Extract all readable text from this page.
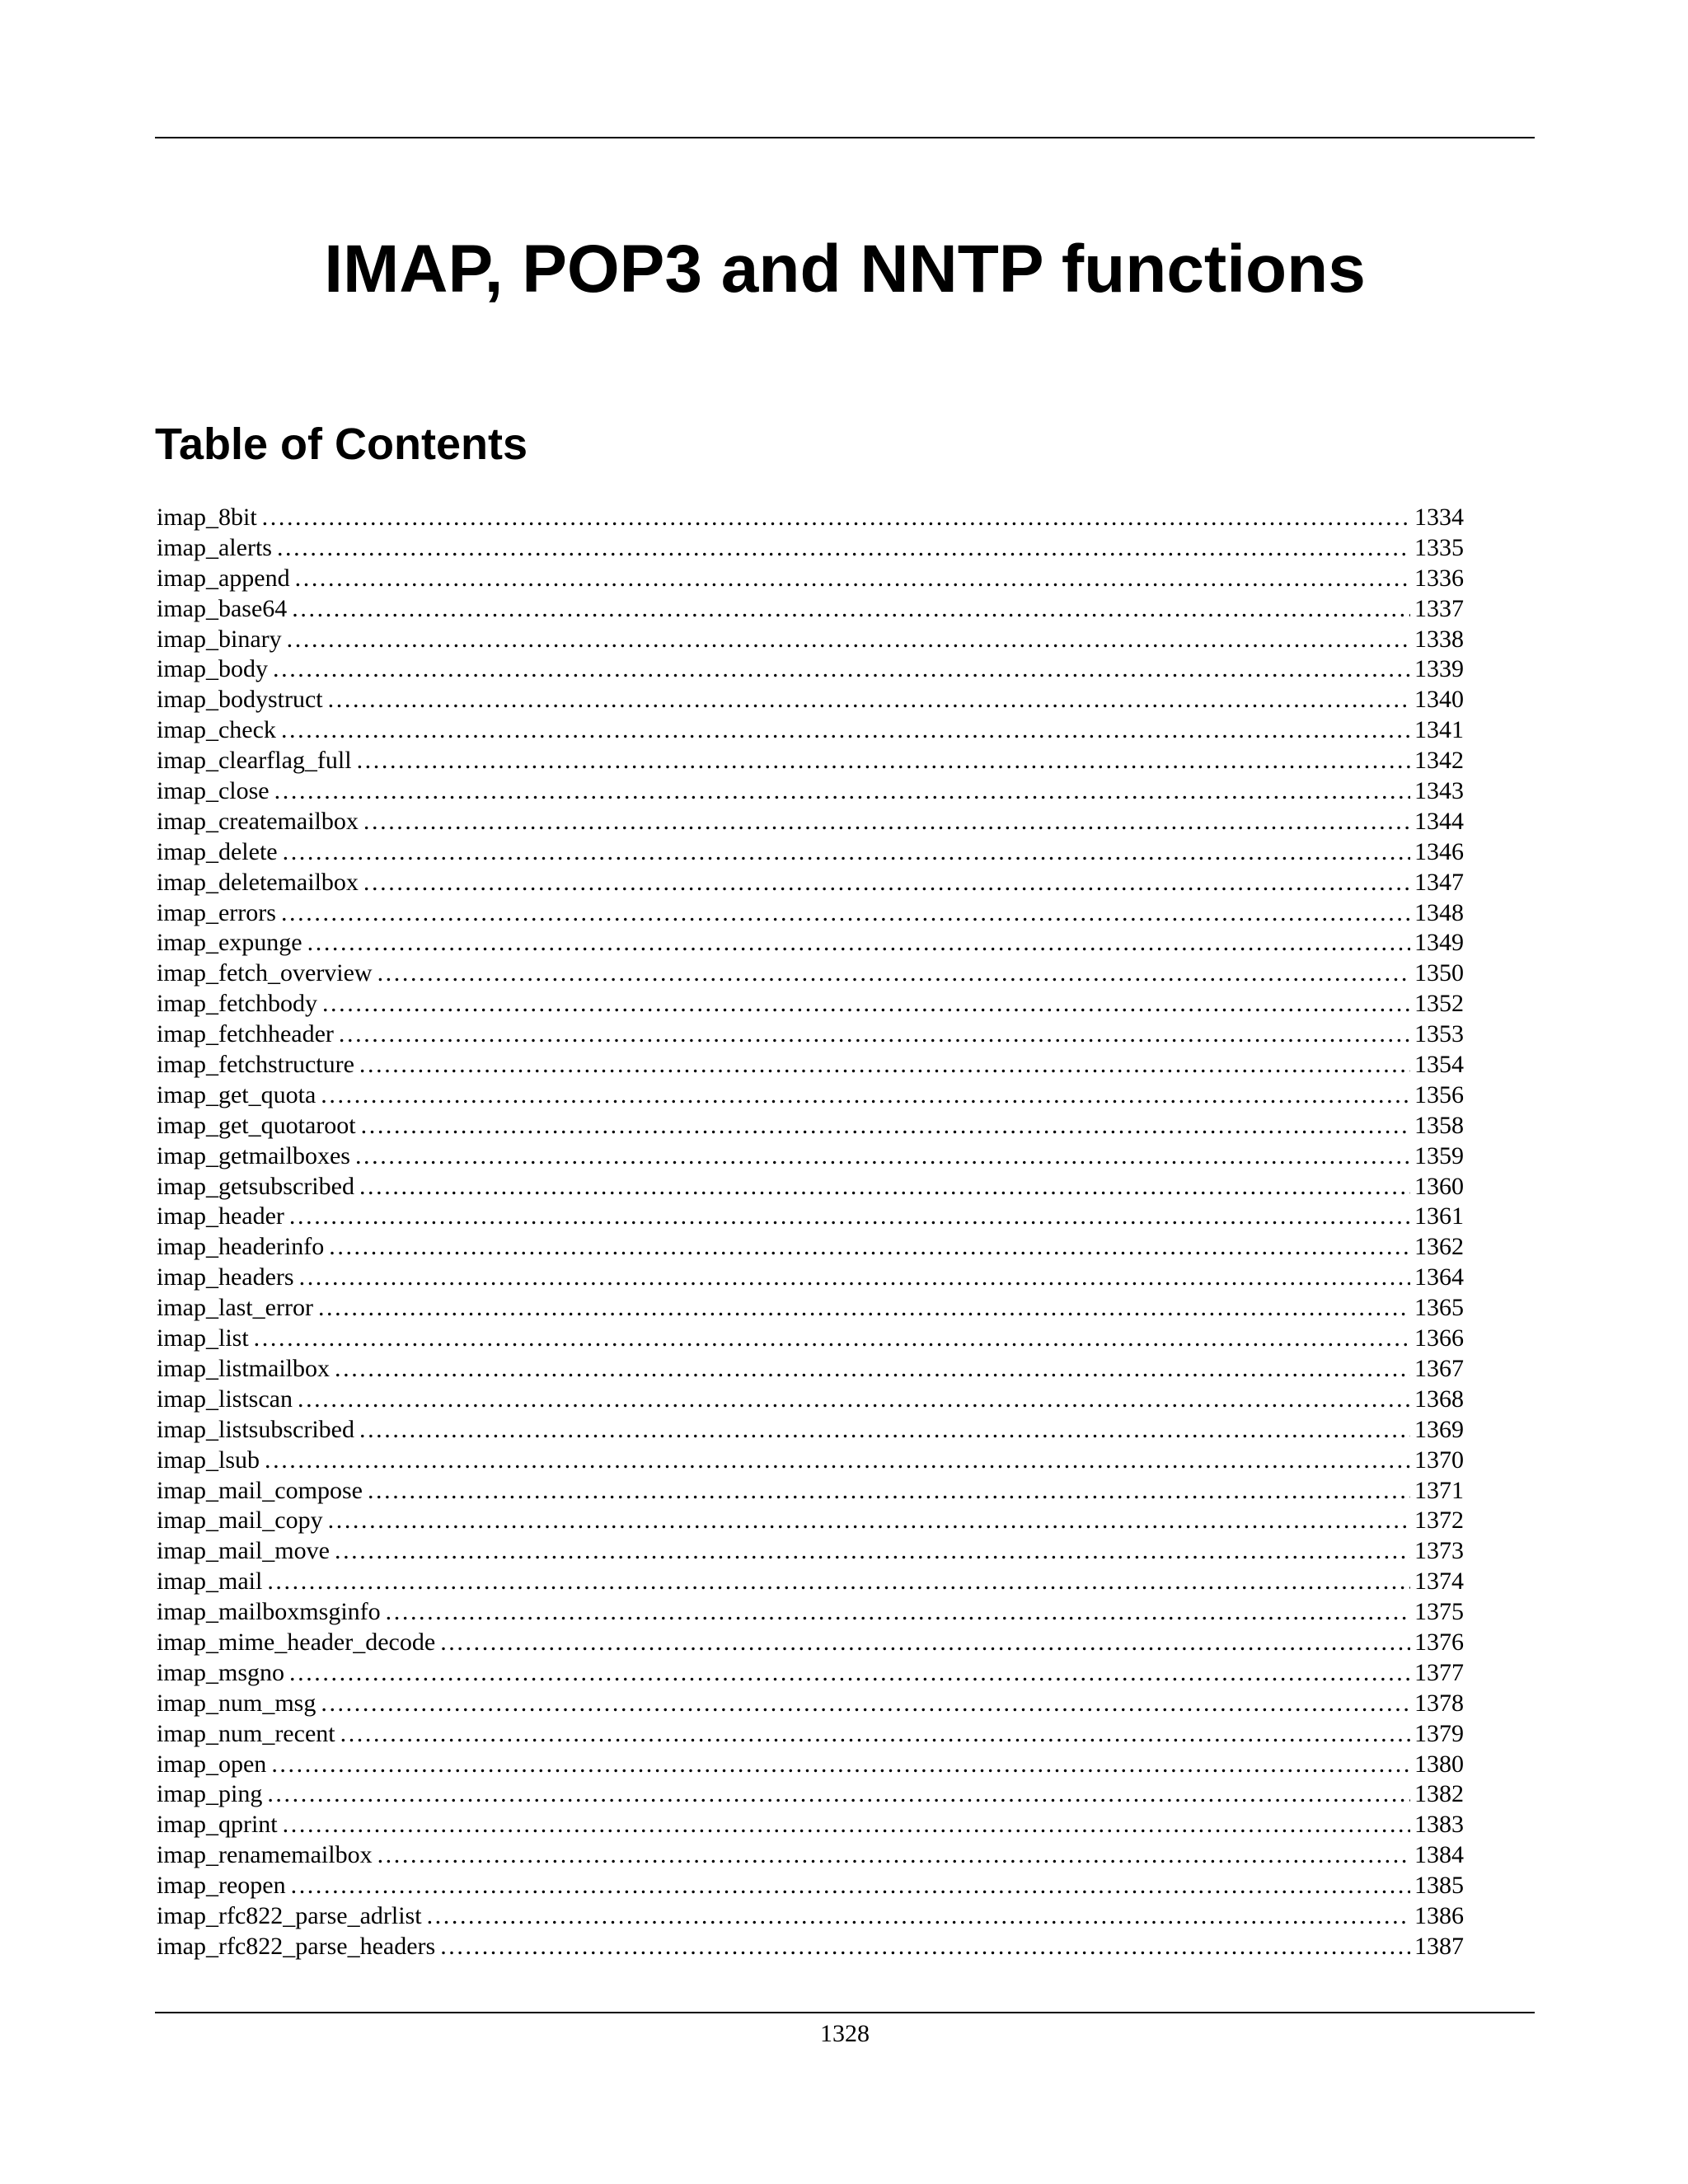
IMAP, POP3 and NNTP functions
Table of Contents
imap_8bit .....	1334
imap_alerts .....	1335
imap_append .....	1336
imap_base64 .....	1337
imap_binary .....	1338
imap_body .....	1339
imap_bodystruct .....	1340
imap_check .....	1341
imap_clearflag_full .....	1342
imap_close .....	1343
imap_createmailbox .....	1344
imap_delete .....	1346
imap_deletemailbox .....	1347
imap_errors .....	1348
imap_expunge .....	1349
imap_fetch_overview .....	1350
imap_fetchbody .....	1352
imap_fetchheader .....	1353
imap_fetchstructure .....	1354
imap_get_quota .....	1356
imap_get_quotaroot .....	1358
imap_getmailboxes .....	1359
imap_getsubscribed .....	1360
imap_header .....	1361
imap_headerinfo .....	1362
imap_headers .....	1364
imap_last_error .....	1365
imap_list .....	1366
imap_listmailbox .....	1367
imap_listscan .....	1368
imap_listsubscribed .....	1369
imap_lsub .....	1370
imap_mail_compose .....	1371
imap_mail_copy .....	1372
imap_mail_move .....	1373
imap_mail .....	1374
imap_mailboxmsginfo .....	1375
imap_mime_header_decode .....	1376
imap_msgno .....	1377
imap_num_msg .....	1378
imap_num_recent .....	1379
imap_open .....	1380
imap_ping .....	1382
imap_qprint .....	1383
imap_renamemailbox .....	1384
imap_reopen .....	1385
imap_rfc822_parse_adrlist .....	1386
imap_rfc822_parse_headers .....	1387
1328
